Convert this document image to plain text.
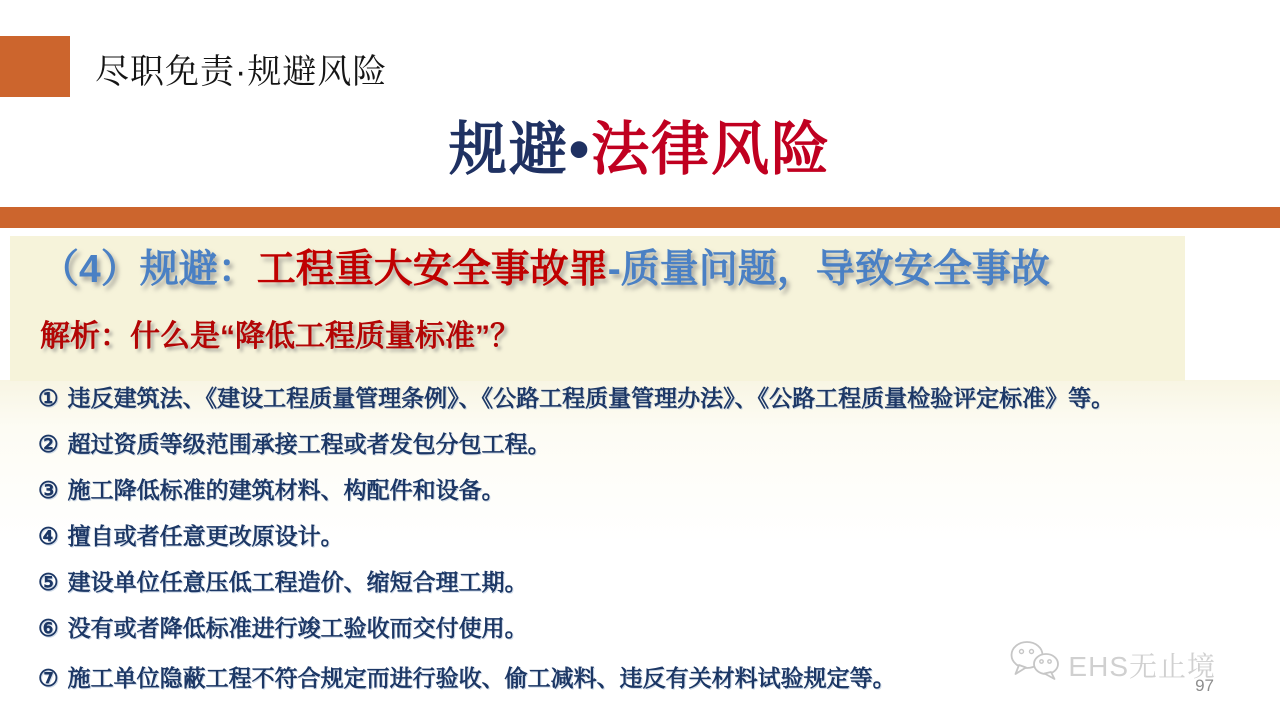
尽职免责·规避风险
规避•法律风险
（4）规避：工程重大安全事故罪-质量问题，导致安全事故
解析：什么是“降低工程质量标准”？
① 违反建筑法、《建设工程质量管理条例》、《公路工程质量管理办法》、《公路工程质量检验评定标准》等。
② 超过资质等级范围承接工程或者发包分包工程。
③ 施工降低标准的建筑材料、构配件和设备。
④ 擅自或者任意更改原设计。
⑤ 建设单位任意压低工程造价、缩短合理工期。
⑥ 没有或者降低标准进行竣工验收而交付使用。
⑦ 施工单位隐蔽工程不符合规定而进行验收、偷工减料、违反有关材料试验规定等。	EHS无止境
97
